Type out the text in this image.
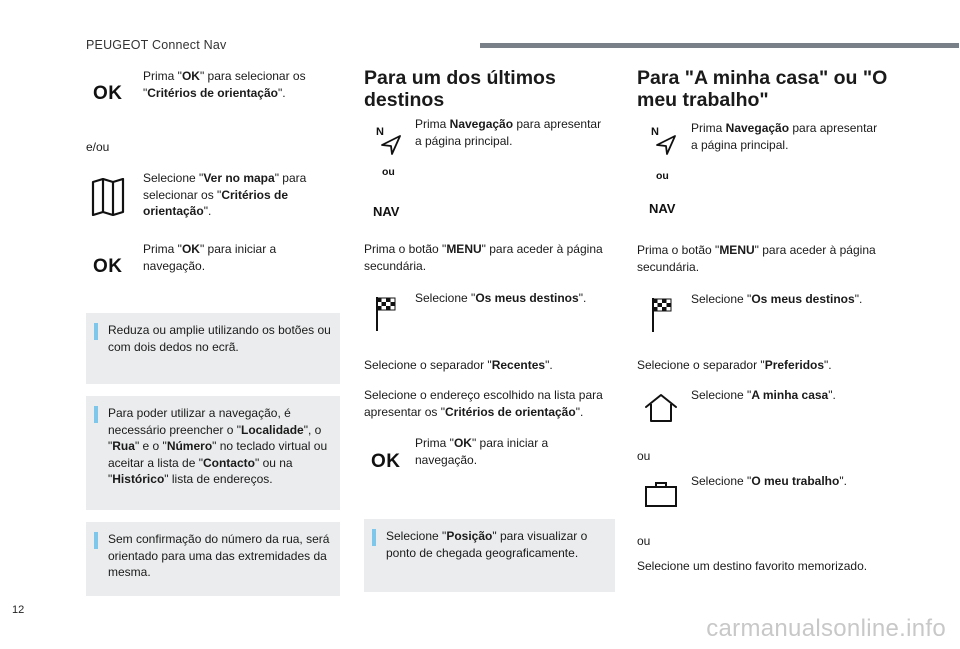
PEUGEOT Connect Nav
OK
Prima "OK" para selecionar os "Critérios de orientação".
e/ou
Selecione "Ver no mapa" para selecionar os "Critérios de orientação".
OK
Prima "OK" para iniciar a navegação.
Reduza ou amplie utilizando os botões ou com dois dedos no ecrã.
Para poder utilizar a navegação, é necessário preencher o "Localidade", o "Rua" e o "Número" no teclado virtual ou aceitar a lista de "Contacto" ou na "Histórico" lista de endereços.
Sem confirmação do número da rua, será orientado para uma das extremidades da mesma.
Para um dos últimos destinos
N
ou
NAV
Prima Navegação para apresentar a página principal.
Prima o botão "MENU" para aceder à página secundária.
Selecione "Os meus destinos".
Selecione o separador "Recentes".
Selecione o endereço escolhido na lista para apresentar os "Critérios de orientação".
OK
Prima "OK" para iniciar a navegação.
Selecione "Posição" para visualizar o ponto de chegada geograficamente.
Para "A minha casa" ou "O meu trabalho"
N
ou
NAV
Prima Navegação para apresentar a página principal.
Prima o botão "MENU" para aceder à página secundária.
Selecione "Os meus destinos".
Selecione o separador "Preferidos".
Selecione "A minha casa".
ou
Selecione "O meu trabalho".
ou
Selecione um destino favorito memorizado.
12
carmanualsonline.info
